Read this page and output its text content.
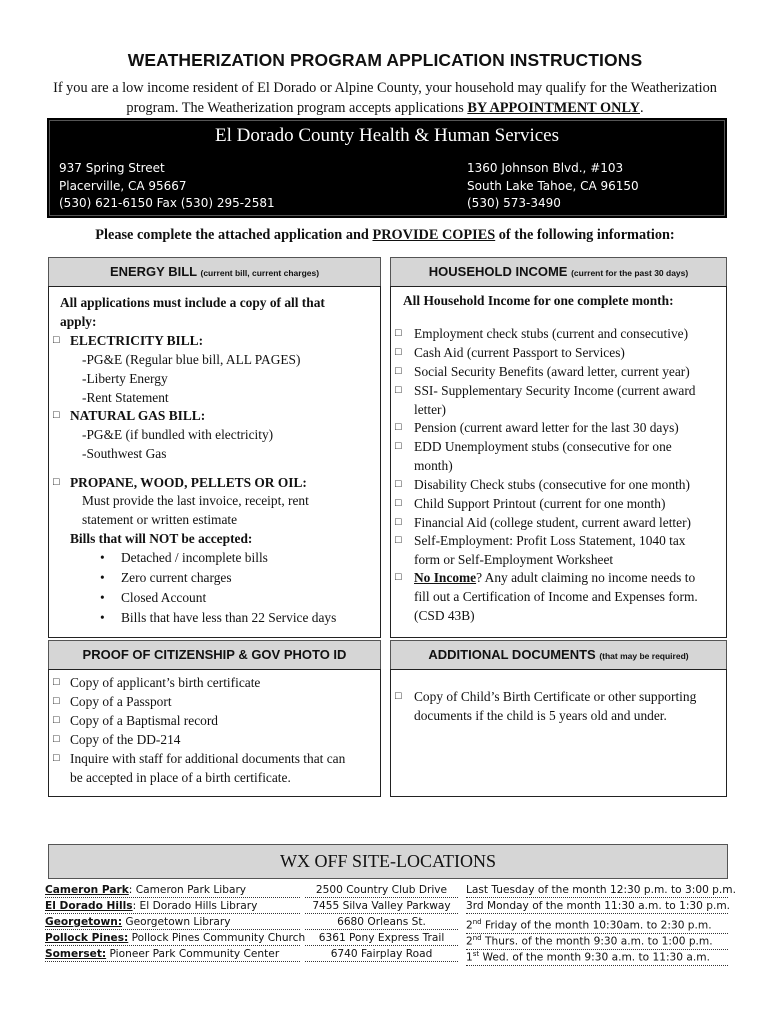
WEATHERIZATION PROGRAM APPLICATION INSTRUCTIONS
If you are a low income resident of El Dorado or Alpine County, your household may qualify for the Weatherization
program. The Weatherization program accepts applications BY APPOINTMENT ONLY.
El Dorado County Health & Human Services
937 Spring Street
Placerville, CA 95667
(530) 621-6150 Fax (530) 295-2581
1360 Johnson Blvd., #103
South Lake Tahoe, CA 96150
(530) 573-3490
Please complete the attached application and PROVIDE COPIES of the following information:
ENERGY BILL (current bill, current charges)
All applications must include a copy of all that
apply:
□ ELECTRICITY BILL:
-PG&E (Regular blue bill, ALL PAGES)
-Liberty Energy
-Rent Statement
□ NATURAL GAS BILL:
-PG&E (if bundled with electricity)
-Southwest Gas
□ PROPANE, WOOD, PELLETS OR OIL:
Must provide the last invoice, receipt, rent
statement or written estimate
Bills that will NOT be accepted:
• Detached / incomplete bills
• Zero current charges
• Closed Account
• Bills that have less than 22 Service days
HOUSEHOLD INCOME (current for the past 30 days)
All Household Income for one complete month:
□ Employment check stubs (current and consecutive)
□ Cash Aid (current Passport to Services)
□ Social Security Benefits (award letter, current year)
□ SSI- Supplementary Security Income (current award
letter)
□ Pension (current award letter for the last 30 days)
□ EDD Unemployment stubs (consecutive for one
month)
□ Disability Check stubs (consecutive for one month)
□ Child Support Printout (current for one month)
□ Financial Aid (college student, current award letter)
□ Self-Employment: Profit Loss Statement, 1040 tax
form or Self-Employment Worksheet
□ No Income? Any adult claiming no income needs to
fill out a Certification of Income and Expenses form.
(CSD 43B)
PROOF OF CITIZENSHIP & GOV PHOTO ID
□ Copy of applicant’s birth certificate
□ Copy of a Passport
□ Copy of a Baptismal record
□ Copy of the DD-214
□ Inquire with staff for additional documents that can
be accepted in place of a birth certificate.
ADDITIONAL DOCUMENTS (that may be required)
□ Copy of Child’s Birth Certificate or other supporting
documents if the child is 5 years old and under.
WX OFF SITE-LOCATIONS
Cameron Park: Cameron Park Libary	2500 Country Club Drive	Last Tuesday of the month 12:30 p.m. to 3:00 p.m.
El Dorado Hills: El Dorado Hills Library	7455 Silva Valley Parkway	3rd Monday of the month 11:30 a.m. to 1:30 p.m.
Georgetown: Georgetown Library	6680 Orleans St.	2nd Friday of the month 10:30am. to 2:30 p.m.
Pollock Pines: Pollock Pines Community Church	6361 Pony Express Trail	2nd Thurs. of the month 9:30 a.m. to 1:00 p.m.
Somerset: Pioneer Park Community Center	6740 Fairplay Road	1st Wed. of the month 9:30 a.m. to 11:30 a.m.
